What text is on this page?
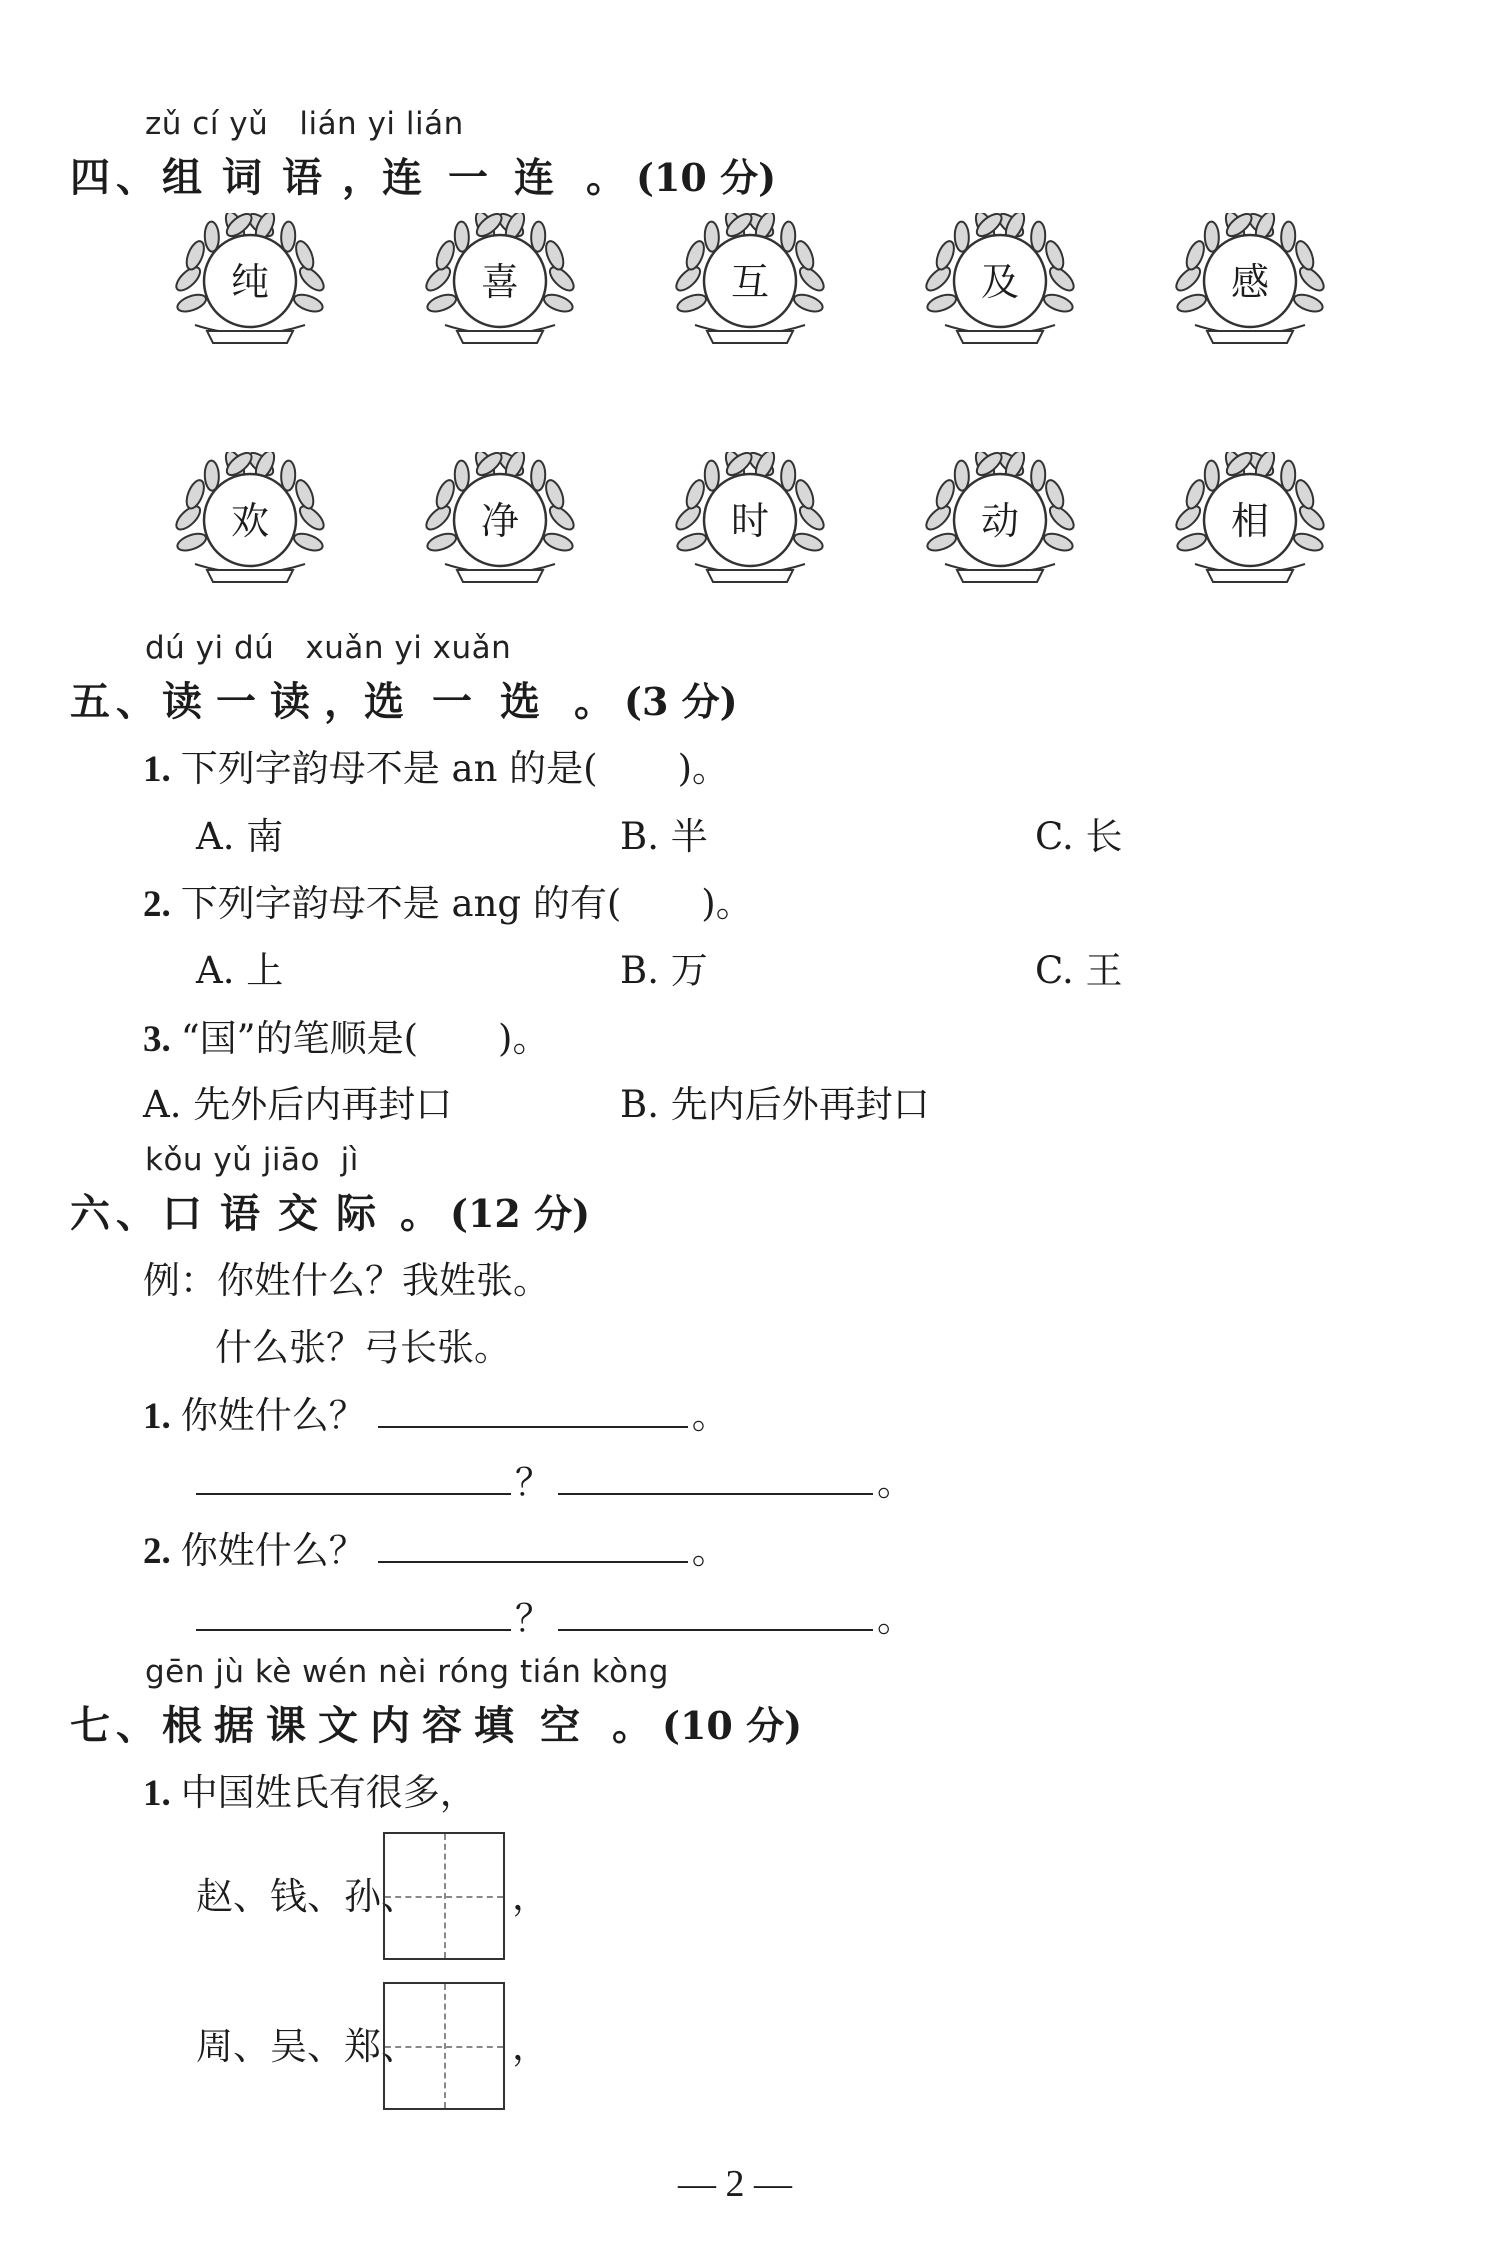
zǔ cí yǔ   lián yi lián
四、 组词语 ， 连一连 。 (10 分)
纯	喜	互	及	感
欢	净	时	动	相
dú yi dú   xuǎn yi xuǎn
五、 读一读 ， 选一选 。 (3 分)
1. 下列字韵母不是 an 的是( )。
A. 南	B. 半	C. 长
2. 下列字韵母不是 ang 的有( )。
A. 上	B. 万	C. 王
3. “国”的笔顺是( )。
A. 先外后内再封口	B. 先内后外再封口
kǒu yǔ jiāo  jì
六、 口语交际 。 (12 分)
例：你姓什么？我姓张。
什么张？弓长张。
1. 你姓什么？	。
？	。
2. 你姓什么？	。
？	。
gēn jù kè wén nèi róng tián kòng
七、 根据课文内容 填空 。 (10 分)
1. 中国姓氏有很多，
赵、钱、孙、	，
周、吴、郑、	，
— 2 —
